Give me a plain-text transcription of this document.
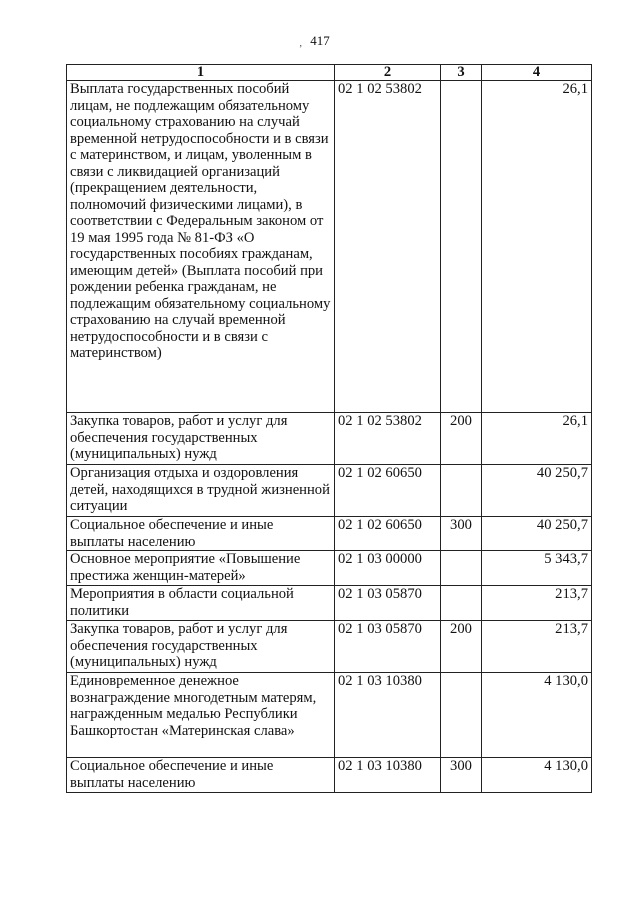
417
‚
1	2	3	4
Выплата государственных пособий лицам, не подлежащим обязательному социальному страхованию на случай временной нетрудоспособности и в связи с материнством, и лицам, уволенным в связи с ликвидацией организаций (прекращением деятельности, полномочий физическими лицами), в соответствии с Федеральным законом от 19 мая 1995 года № 81-ФЗ «О государственных пособиях гражданам, имеющим детей» (Выплата пособий при рождении ребенка гражданам, не подлежащим обязательному социальному страхованию на случай временной нетрудоспособности и в связи с материнством)	02 1 02 53802		26,1
Закупка товаров, работ и услуг для обеспечения государственных (муниципальных) нужд	02 1 02 53802	200	26,1
Организация отдыха и оздоровления детей, находящихся в трудной жизненной ситуации	02 1 02 60650		40 250,7
Социальное обеспечение и иные выплаты населению	02 1 02 60650	300	40 250,7
Основное мероприятие «Повышение престижа женщин-матерей»	02 1 03 00000		5 343,7
Мероприятия в области социальной политики	02 1 03 05870		213,7
Закупка товаров, работ и услуг для обеспечения государственных (муниципальных) нужд	02 1 03 05870	200	213,7
Единовременное денежное вознаграждение многодетным матерям, награжденным медалью Республики Башкортостан «Материнская слава»	02 1 03 10380		4 130,0
Социальное обеспечение и иные выплаты населению	02 1 03 10380	300	4 130,0
